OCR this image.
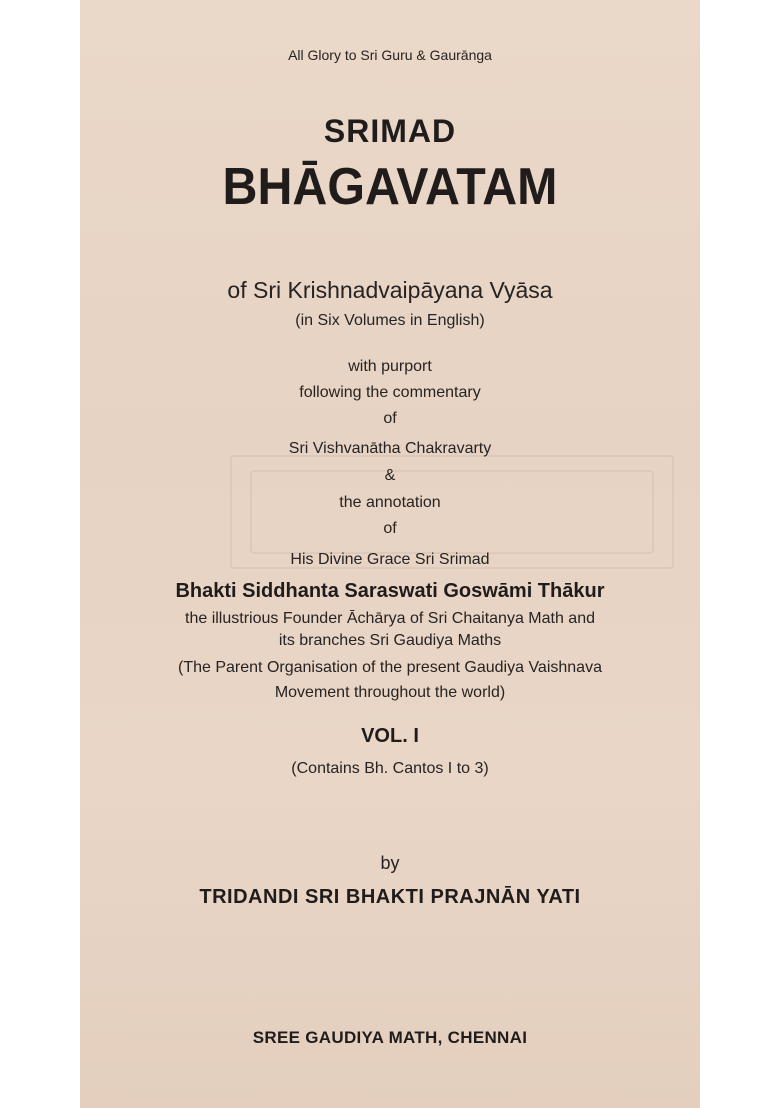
All Glory to Sri Guru & Gaurānga

SRIMAD

BHĀGAVATAM

of Sri Krishnadvaipāyana Vyāsa

(in Six Volumes in English)

with purport

following the commentary

of

Sri Vishvanātha Chakravarty

&

the annotation

of

His Divine Grace Sri Srimad

Bhakti Siddhanta Saraswati Goswāmi Thākur

the illustrious Founder Āchārya of Sri Chaitanya Math and

its branches Sri Gaudiya Maths

(The Parent Organisation of the present Gaudiya Vaishnava

Movement throughout the world)

VOL. I

(Contains Bh. Cantos I to 3)

by

TRIDANDI SRI BHAKTI PRAJNĀN YATI

SREE GAUDIYA MATH, CHENNAI
